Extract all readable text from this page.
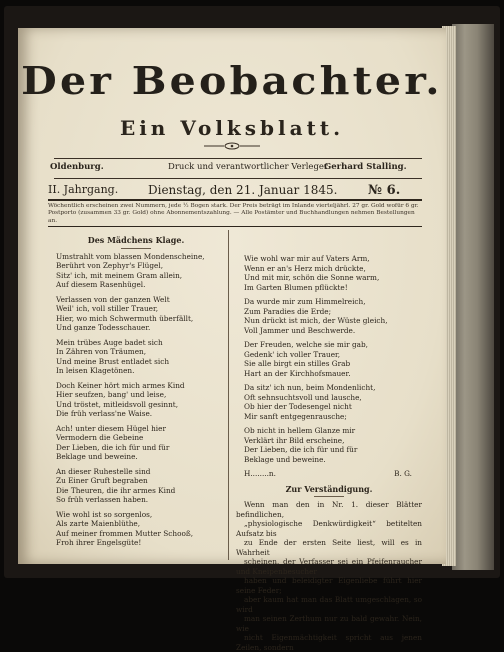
Der Beobachter.
Ein Volksblatt.
Oldenburg.	Druck und verantwortlicher Verleger
Gerhard Stalling.
II. Jahrgang. Dienstag, den 21. Januar 1845. № 6.
Wöchentlich erscheinen zwei Nummern, jede ½ Bogen stark. Der Preis beträgt im Inlande vierteljährl. 27 gr. Gold wofür 6 gr.
Postporto (zusammen 33 gr. Gold) ohne Abonnementszahlung. — Alle Postämter und Buchhandlungen nehmen Bestellungen an.
Des Mädchens Klage.
Umstrahlt vom blassen Mondenscheine,
Berührt von Zephyr's Flügel,
Sitz' ich, mit meinem Gram allein,
Auf diesem Rasenhügel.
Verlassen von der ganzen Welt
Weil' ich, voll stiller Trauer,
Hier, wo mich Schwermuth überfällt,
Und ganze Todesschauer.
Mein trübes Auge badet sich
In Zähren von Träumen,
Und meine Brust entladet sich
In leisen Klagetönen.
Doch Keiner hört mich armes Kind
Hier seufzen, bang' und leise,
Und tröstet, mitleidsvoll gesinnt,
Die früh verlass'ne Waise.
Ach! unter diesem Hügel hier
Vermodern die Gebeine
Der Lieben, die ich für und für
Beklage und beweine.
An dieser Ruhestelle sind
Zu Einer Gruft begraben
Die Theuren, die ihr armes Kind
So früh verlassen haben.
Wie wohl ist so sorgenlos,
Als zarte Maienblüthe,
Auf meiner frommen Mutter Schooß,
Froh ihrer Engelsgüte!
Wie wohl war mir auf Vaters Arm,
Wenn er an's Herz mich drückte,
Und mit mir, schön die Sonne warm,
Im Garten Blumen pflückte!
Da wurde mir zum Himmelreich,
Zum Paradies die Erde;
Nun drückt ist mich, der Wüste gleich,
Voll Jammer und Beschwerde.
Der Freuden, welche sie mir gab,
Gedenk' ich voller Trauer,
Sie alle birgt ein stilles Grab
Hart an der Kirchhofsmauer.
Da sitz' ich nun, beim Mondenlicht,
Oft sehnsuchtsvoll und lausche,
Ob hier der Todesengel nicht
Mir sanft entgegenrausche;
Ob nicht in hellem Glanze mir
Verklärt ihr Bild erscheine,
Der Lieben, die ich für und für
Beklage und beweine.
H........n.	B. G.
Zur Verständigung.
Wenn man den in Nr. 1. dieser Blätter befindlichen,
„physiologische Denkwürdigkeit“ betitelten Aufsatz bis
zu Ende der ersten Seite liest, will es in Wahrheit
scheinen, der Verfasser sei ein Pfeifenraucher und Kneipenbesucher
haben und beleidigter Eigenliebe führt hier seine Feder;
aber kaum hat man das Blatt umgeschlagen, so wird
man seinen Zerthum nur zu bald gewahr. Nein, wie
nicht Eigenmächtigkeit spricht aus jenen Zeilen, sondern
